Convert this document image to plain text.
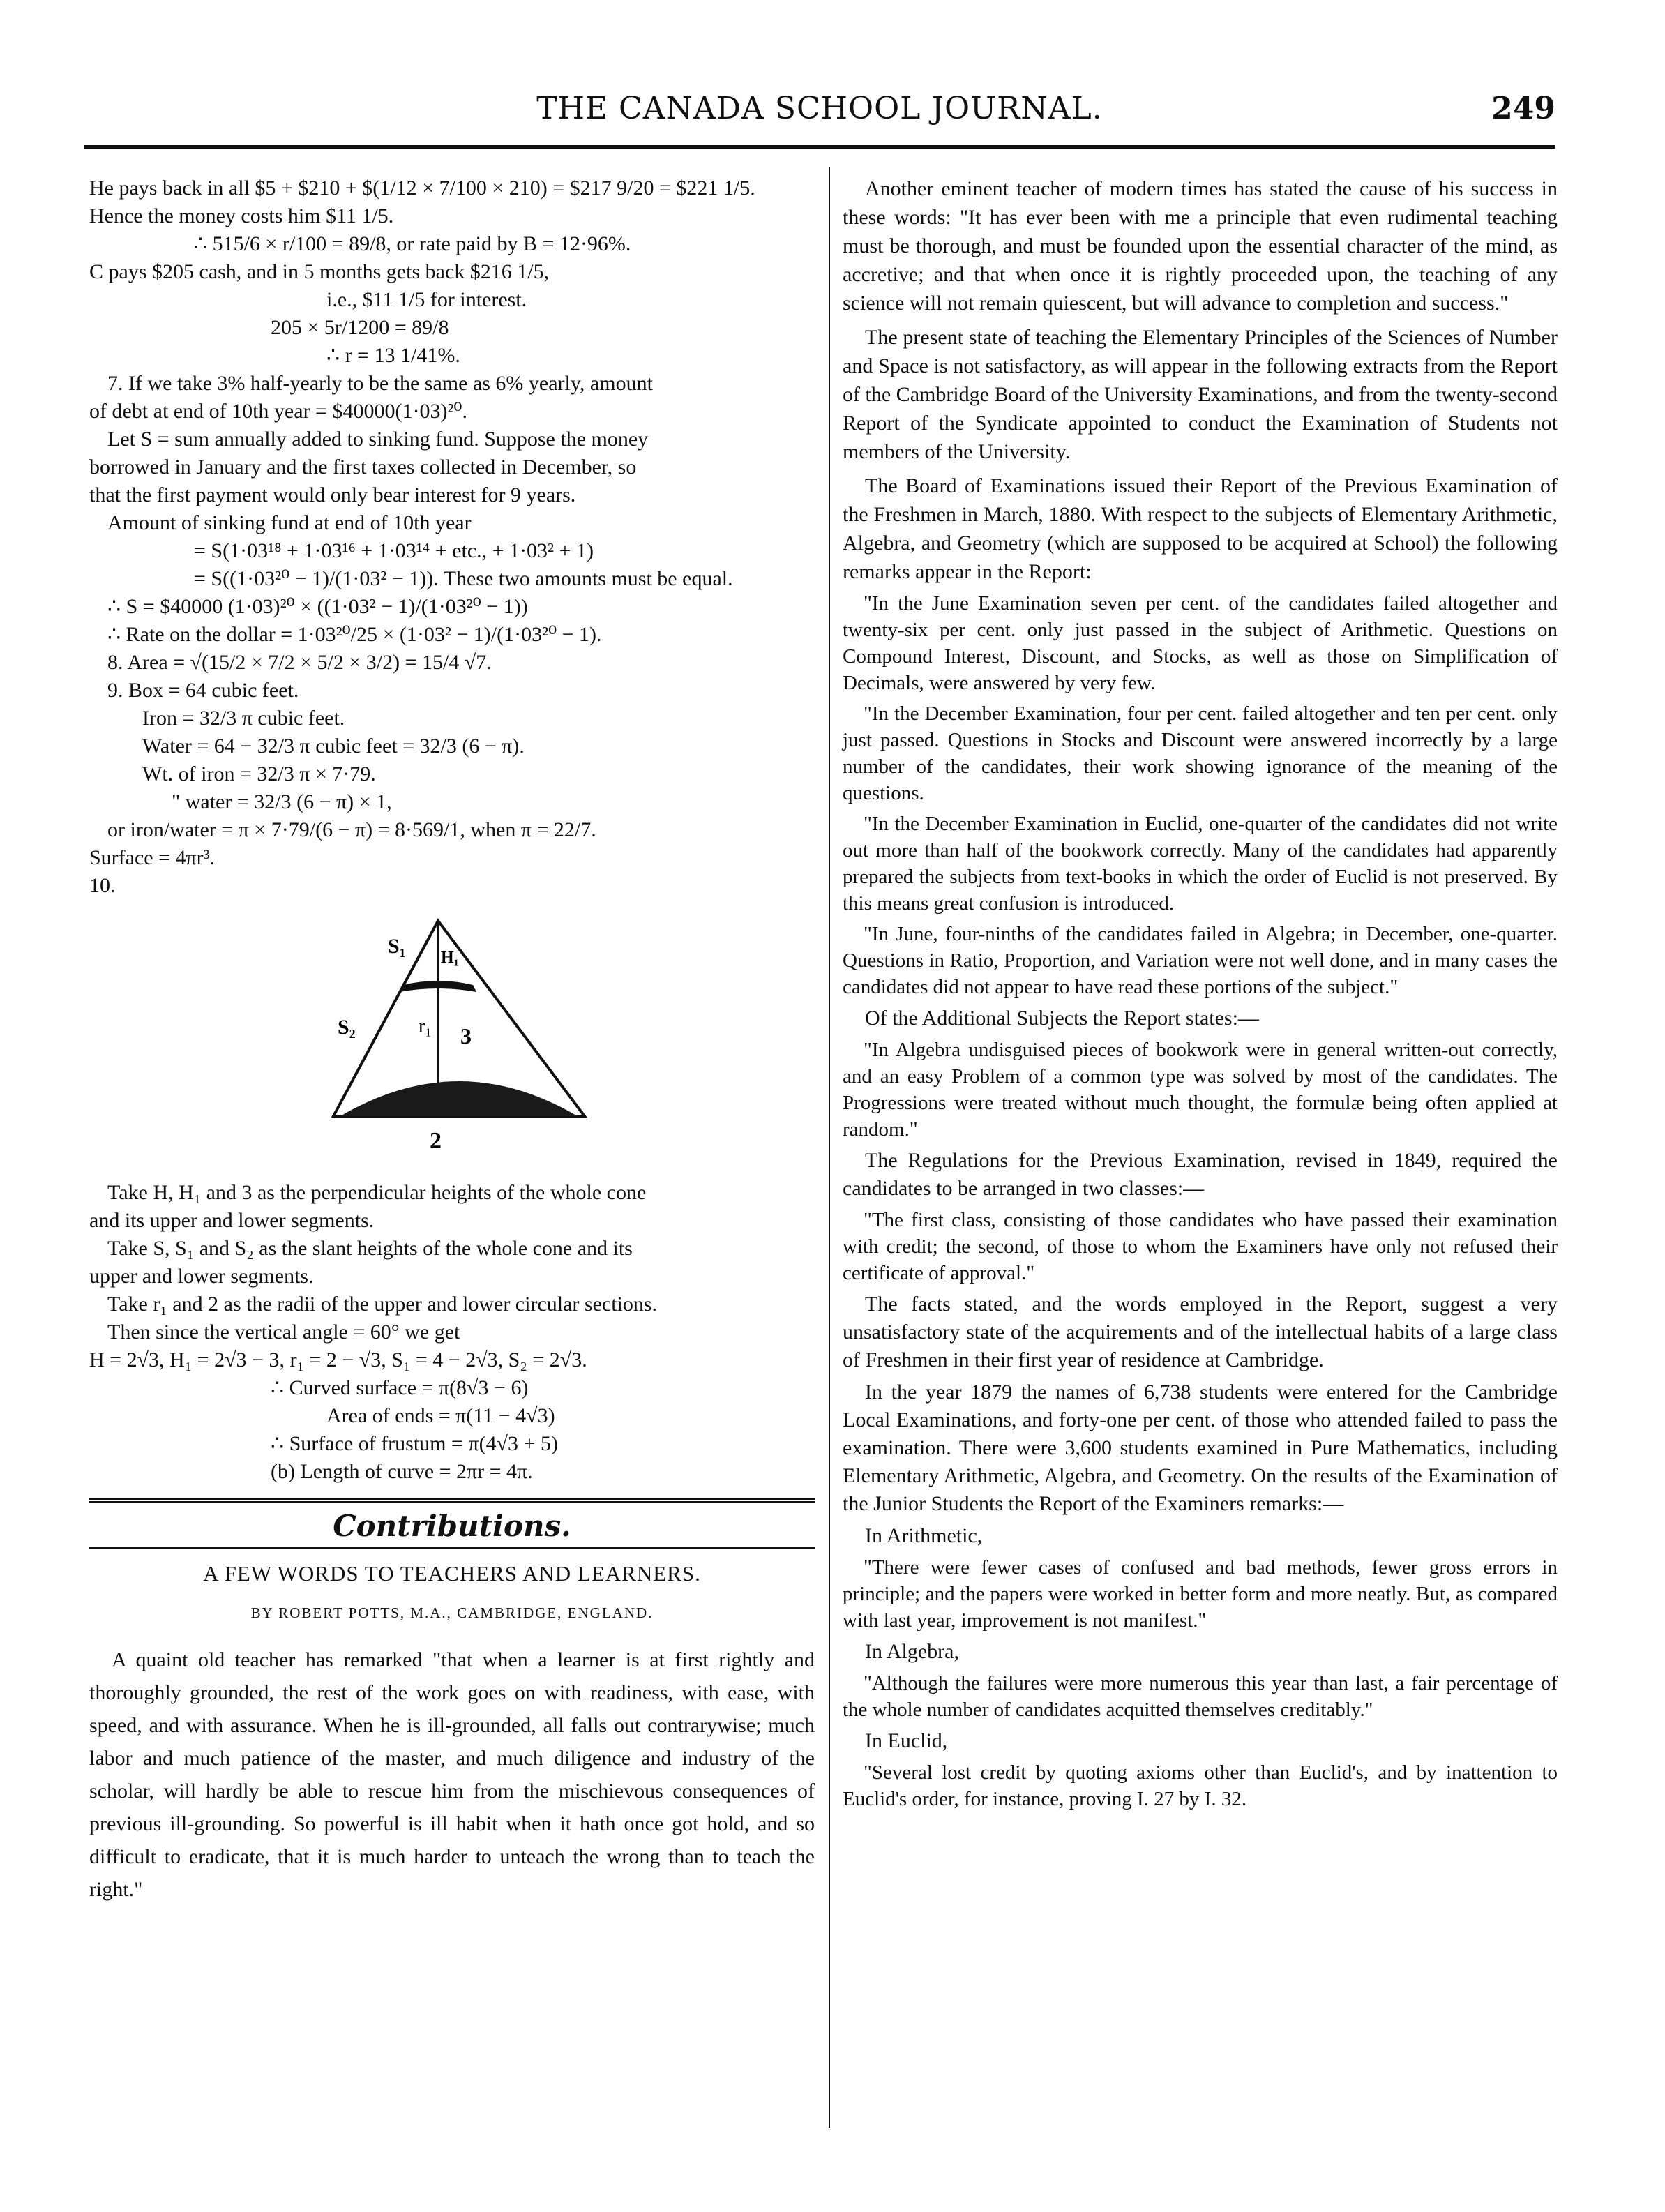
THE CANADA SCHOOL JOURNAL.	249
He pays back in all $5 + $210 + $(1/12 × 7/100 × 210) = $217 9/20 = $221 1/5.
Hence the money costs him $11 1/5.
∴ 515/6 × r/100 = 89/8, or rate paid by B = 12·96%.
C pays $205 cash, and in 5 months gets back $216 1/5,
i.e., $11 1/5 for interest.
205 × 5r/1200 = 89/8
∴ r = 13 1/41%.
7. If we take 3% half-yearly to be the same as 6% yearly, amount
of debt at end of 10th year = $40000(1·03)²⁰.
Let S = sum annually added to sinking fund. Suppose the money
borrowed in January and the first taxes collected in December, so
that the first payment would only bear interest for 9 years.
Amount of sinking fund at end of 10th year
= S(1·03¹⁸ + 1·03¹⁶ + 1·03¹⁴ + etc., + 1·03² + 1)
= S((1·03²⁰ − 1)/(1·03² − 1)). These two amounts must be equal.
∴ S = $40000 (1·03)²⁰ × ((1·03² − 1)/(1·03²⁰ − 1))
∴ Rate on the dollar = 1·03²⁰/25 × (1·03² − 1)/(1·03²⁰ − 1).
8. Area = √(15/2 × 7/2 × 5/2 × 3/2) = 15/4 √7.
9. Box = 64 cubic feet.
Iron = 32/3 π cubic feet.
Water = 64 − 32/3 π cubic feet = 32/3 (6 − π).
Wt. of iron = 32/3 π × 7·79.
" water = 32/3 (6 − π) × 1,
or iron/water = π × 7·79/(6 − π) = 8·569/1, when π = 22/7.
Surface = 4πr³.
10.
S₁ H₁
S₂	r₁ 3
2
Take H, H₁ and 3 as the perpendicular heights of the whole cone
and its upper and lower segments.
Take S, S₁ and S₂ as the slant heights of the whole cone and its
upper and lower segments.
Take r₁ and 2 as the radii of the upper and lower circular sections.
Then since the vertical angle = 60° we get
H = 2√3, H₁ = 2√3 − 3, r₁ = 2 − √3, S₁ = 4 − 2√3, S₂ = 2√3.
∴ Curved surface = π(8√3 − 6)
Area of ends = π(11 − 4√3)
∴ Surface of frustum = π(4√3 + 5)
(b) Length of curve = 2πr = 4π.
Contributions.
A FEW WORDS TO TEACHERS AND LEARNERS.
BY ROBERT POTTS, M.A., CAMBRIDGE, ENGLAND.

A quaint old teacher has remarked "that when a learner is at first rightly and thoroughly grounded, the rest of the work goes on with readiness, with ease, with speed, and with assurance. When he is ill-grounded, all falls out contrarywise; much labor and much patience of the master, and much diligence and industry of the scholar, will hardly be able to rescue him from the mischievous consequences of previous ill-grounding. So powerful is ill habit when it hath once got hold, and so difficult to eradicate, that it is much harder to unteach the wrong than to teach the right."

Another eminent teacher of modern times has stated the cause of his success in these words: "It has ever been with me a principle that even rudimental teaching must be thorough, and must be founded upon the essential character of the mind, as accretive; and that when once it is rightly proceeded upon, the teaching of any science will not remain quiescent, but will advance to completion and success."

The present state of teaching the Elementary Principles of the Sciences of Number and Space is not satisfactory, as will appear in the following extracts from the Report of the Cambridge Board of the University Examinations, and from the twenty-second Report of the Syndicate appointed to conduct the Examination of Students not members of the University.

The Board of Examinations issued their Report of the Previous Examination of the Freshmen in March, 1880. With respect to the subjects of Elementary Arithmetic, Algebra, and Geometry (which are supposed to be acquired at School) the following remarks appear in the Report:

"In the June Examination seven per cent. of the candidates failed altogether and twenty-six per cent. only just passed in the subject of Arithmetic. Questions on Compound Interest, Discount, and Stocks, as well as those on Simplification of Decimals, were answered by very few.

"In the December Examination, four per cent. failed altogether and ten per cent. only just passed. Questions in Stocks and Discount were answered incorrectly by a large number of the candidates, their work showing ignorance of the meaning of the questions.

"In the December Examination in Euclid, one-quarter of the candidates did not write out more than half of the bookwork correctly. Many of the candidates had apparently prepared the subjects from text-books in which the order of Euclid is not preserved. By this means great confusion is introduced.

"In June, four-ninths of the candidates failed in Algebra; in December, one-quarter. Questions in Ratio, Proportion, and Variation were not well done, and in many cases the candidates did not appear to have read these portions of the subject."

Of the Additional Subjects the Report states:—

"In Algebra undisguised pieces of bookwork were in general written-out correctly, and an easy Problem of a common type was solved by most of the candidates. The Progressions were treated without much thought, the formulæ being often applied at random."

The Regulations for the Previous Examination, revised in 1849, required the candidates to be arranged in two classes:—

"The first class, consisting of those candidates who have passed their examination with credit; the second, of those to whom the Examiners have only not refused their certificate of approval."

The facts stated, and the words employed in the Report, suggest a very unsatisfactory state of the acquirements and of the intellectual habits of a large class of Freshmen in their first year of residence at Cambridge.

In the year 1879 the names of 6,738 students were entered for the Cambridge Local Examinations, and forty-one per cent. of those who attended failed to pass the examination. There were 3,600 students examined in Pure Mathematics, including Elementary Arithmetic, Algebra, and Geometry. On the results of the Examination of the Junior Students the Report of the Examiners remarks:—

In Arithmetic,

"There were fewer cases of confused and bad methods, fewer gross errors in principle; and the papers were worked in better form and more neatly. But, as compared with last year, improvement is not manifest."

In Algebra,

"Although the failures were more numerous this year than last, a fair percentage of the whole number of candidates acquitted themselves creditably."

In Euclid,

"Several lost credit by quoting axioms other than Euclid's, and by inattention to Euclid's order, for instance, proving I. 27 by I. 32.
